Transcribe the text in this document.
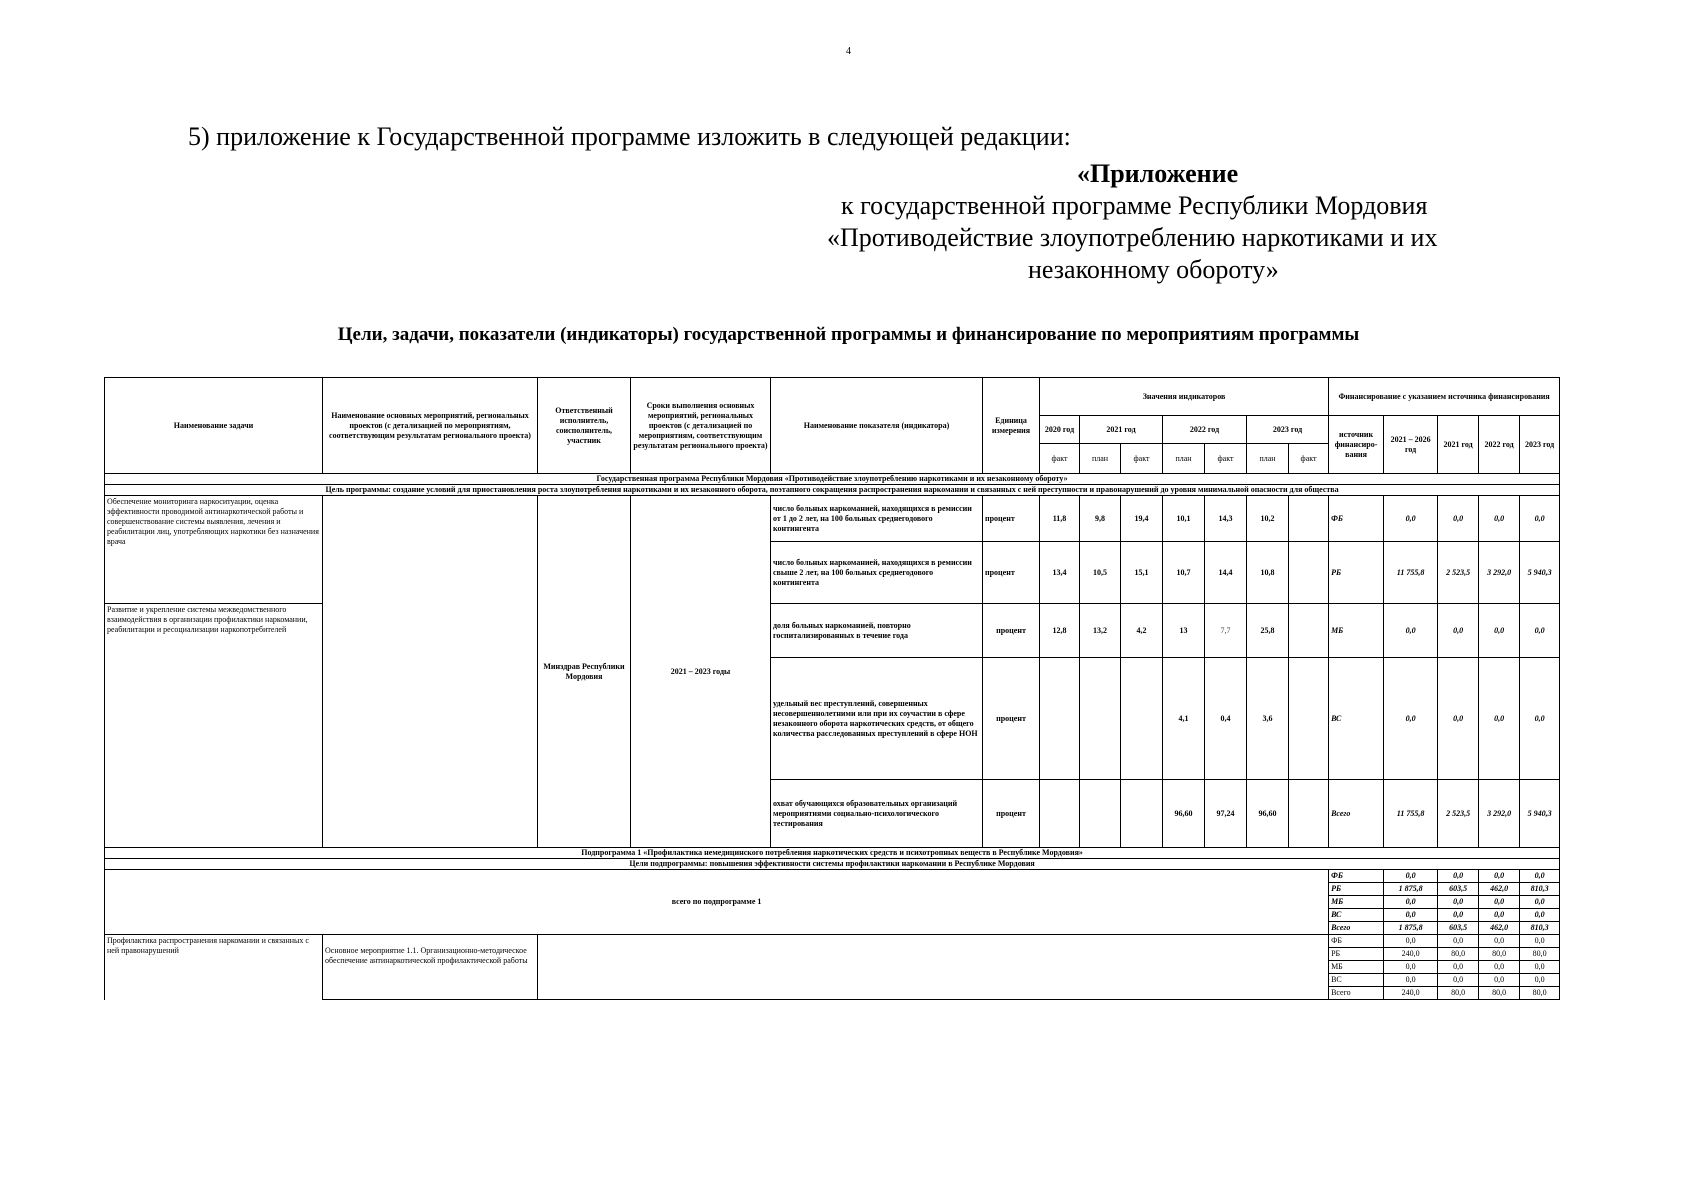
4
5) приложение к Государственной программе изложить в следующей редакции:
«Приложение
к государственной программе Республики Мордовия
«Противодействие злоупотреблению наркотиками и их
незаконному обороту»
Цели, задачи, показатели (индикаторы) государственной программы и финансирование по мероприятиям программы
Наименование задачи	Наименование основных мероприятий, региональных проектов (с детализацией по мероприятиям, соответствующим результатам регионального проекта)	Ответственный исполнитель, соисполнитель, участник	Сроки выполнения основных мероприятий, региональных проектов (с детализацией по мероприятиям, соответствующим результатам регионального проекта)	Наименование показателя (индикатора)	Единица измерения	Значения индикаторов							Финансирование с указанием источника финансирования				
						2020 год	2021 год		2022 год		2023 год		источник финансиро-вания	2021 – 2026 год	2021 год	2022 год	2023 год
						факт	план	факт	план	факт	план	факт					
Государственная программа Республики Мордовия «Противодействие злоупотреблению наркотиками и их незаконному обороту»																	
Цель программы: создание условий для приостановления роста злоупотребления наркотиками и их незаконного оборота, поэтапного сокращения распространения наркомании и связанных с ней преступности и правонарушений до уровня минимальной опасности для общества																	
Обеспечение мониторинга наркоситуации, оценка эффективности проводимой антинаркотической работы и совершенствование системы выявления, лечения и реабилитации лиц, употребляющих наркотики без назначения врача		Минздрав Республики Мордовия	2021 – 2023 годы	число больных наркоманией, находящихся в ремиссии от 1 до 2 лет, на 100 больных среднегодового контингента	процент	11,8	9,8	19,4	10,1	14,3	10,2		ФБ	0,0	0,0	0,0	0,0
				число больных наркоманией, находящихся в ремиссии свыше 2 лет, на 100 больных среднегодового контингента	процент	13,4	10,5	15,1	10,7	14,4	10,8		РБ	11 755,8	2 523,5	3 292,0	5 940,3
Развитие и укрепление системы межведомственного взаимодействия в организации профилактики наркомании, реабилитации и ресоциализации наркопотребителей				доля больных наркоманией, повторно госпитализированных в течение года	процент	12,8	13,2	4,2	13	7,7	25,8		МБ	0,0	0,0	0,0	0,0
				удельный вес преступлений, совершенных несовершеннолетними или при их соучастии в сфере незаконного оборота наркотических средств, от общего количества расследованных преступлений в сфере НОН	процент				4,1	0,4	3,6		ВС	0,0	0,0	0,0	0,0
				охват обучающихся образовательных организаций мероприятиями социально-психологического тестирования	процент				96,60	97,24	96,60		Всего	11 755,8	2 523,5	3 292,0	5 940,3
Подпрограмма 1 «Профилактика немедицинского потребления наркотических средств и психотропных веществ в Республике Мордовия»																	
Цели подпрограммы: повышения эффективности системы профилактики наркомании в Республике Мордовия																	
всего по подпрограмме 1													ФБ	0,0	0,0	0,0	0,0
													РБ	1 875,8	603,5	462,0	810,3
													МБ	0,0	0,0	0,0	0,0
													ВС	0,0	0,0	0,0	0,0
													Всего	1 875,8	603,5	462,0	810,3
Профилактика распространения наркомании и связанных с ней правонарушений	Основное мероприятие 1.1. Организационно-методическое обеспечение антинаркотической профилактической работы												ФБ	0,0	0,0	0,0	0,0
													РБ	240,0	80,0	80,0	80,0
													МБ	0,0	0,0	0,0	0,0
													ВС	0,0	0,0	0,0	0,0
													Всего	240,0	80,0	80,0	80,0
